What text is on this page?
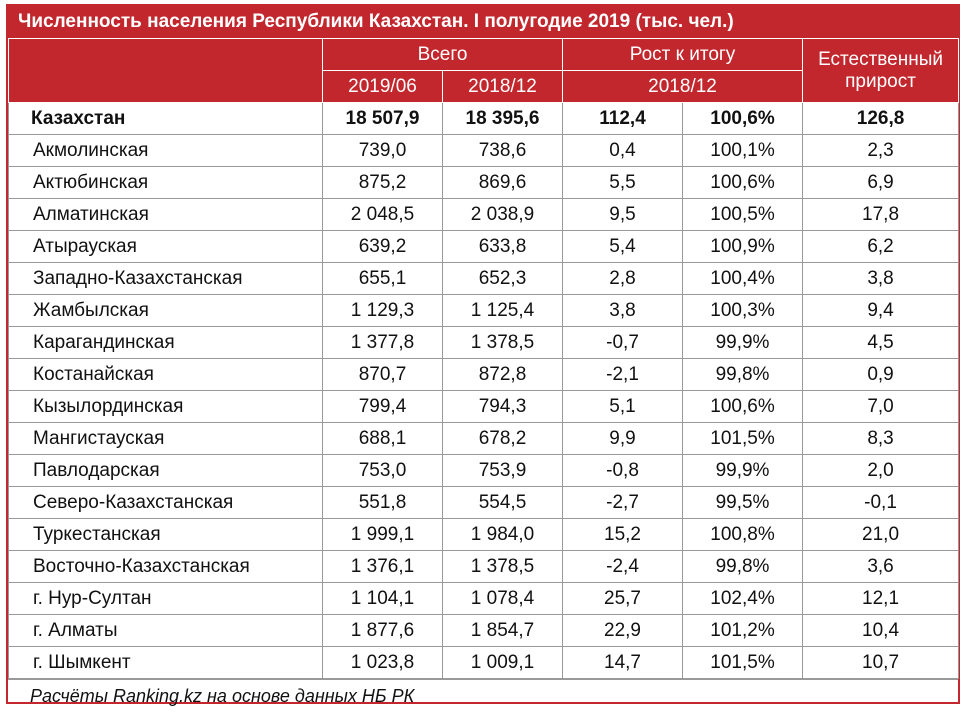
Численность населения Республики Казахстан. I полугодие 2019 (тыс. чел.)
	Всего		Рост к итогу		Естественный прирост
	2019/06	2018/12	2018/12		
Казахстан	18 507,9	18 395,6	112,4	100,6%	126,8
Акмолинская	739,0	738,6	0,4	100,1%	2,3
Актюбинская	875,2	869,6	5,5	100,6%	6,9
Алматинская	2 048,5	2 038,9	9,5	100,5%	17,8
Атырауская	639,2	633,8	5,4	100,9%	6,2
Западно-Казахстанская	655,1	652,3	2,8	100,4%	3,8
Жамбылская	1 129,3	1 125,4	3,8	100,3%	9,4
Карагандинская	1 377,8	1 378,5	-0,7	99,9%	4,5
Костанайская	870,7	872,8	-2,1	99,8%	0,9
Кызылординская	799,4	794,3	5,1	100,6%	7,0
Мангистауская	688,1	678,2	9,9	101,5%	8,3
Павлодарская	753,0	753,9	-0,8	99,9%	2,0
Северо-Казахстанская	551,8	554,5	-2,7	99,5%	-0,1
Туркестанская	1 999,1	1 984,0	15,2	100,8%	21,0
Восточно-Казахстанская	1 376,1	1 378,5	-2,4	99,8%	3,6
г. Нур-Султан	1 104,1	1 078,4	25,7	102,4%	12,1
г. Алматы	1 877,6	1 854,7	22,9	101,2%	10,4
г. Шымкент	1 023,8	1 009,1	14,7	101,5%	10,7
Расчёты Ranking.kz на основе данных НБ РК
